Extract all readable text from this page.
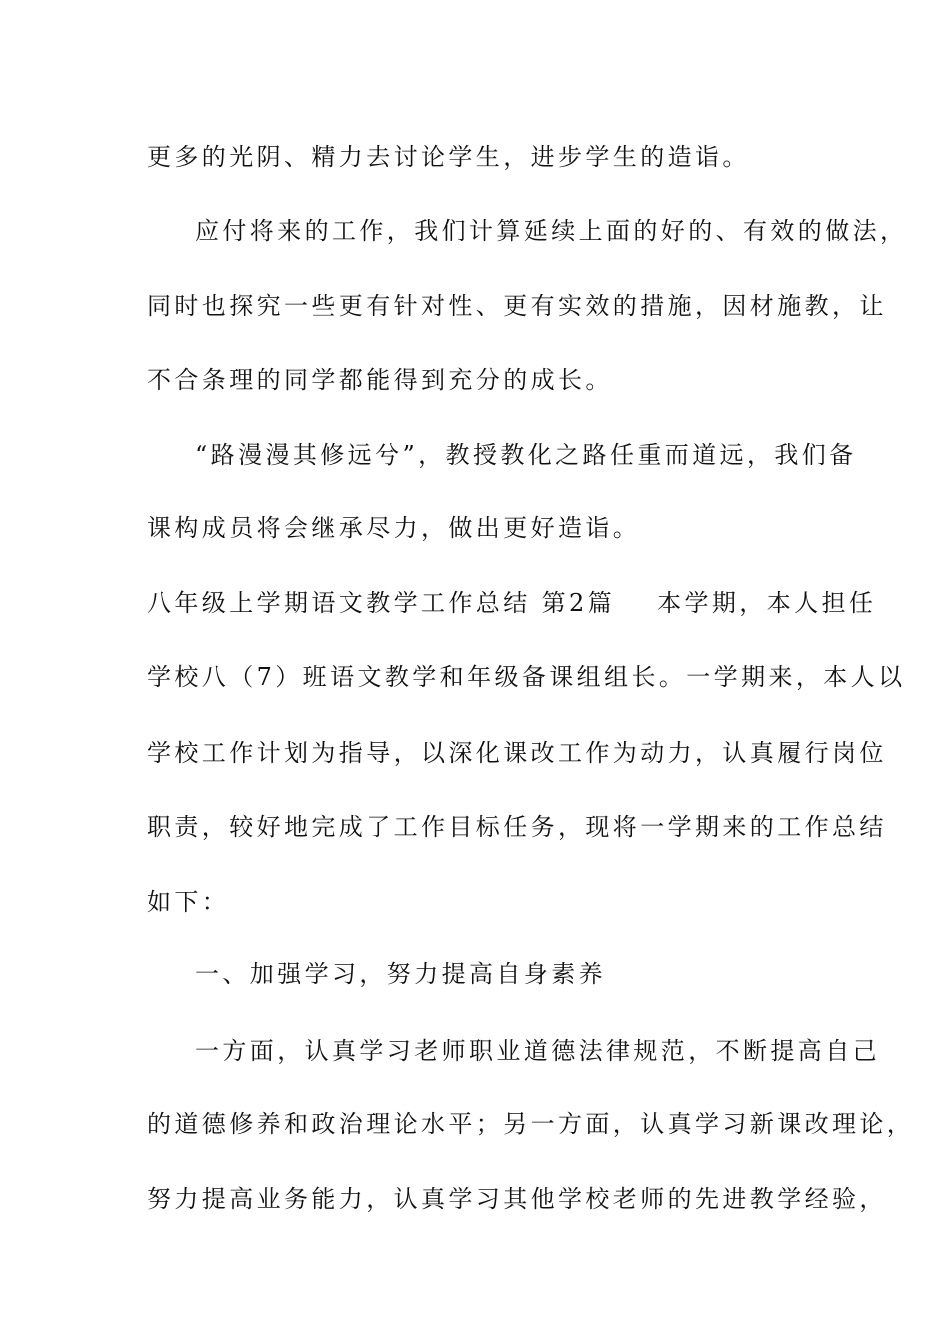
更多的光阴、精力去讨论学生，进步学生的造诣。

应付将来的工作，我们计算延续上面的好的、有效的做法，

同时也探究一些更有针对性、更有实效的措施，因材施教，让

不合条理的同学都能得到充分的成长。

“路漫漫其修远兮”，教授教化之路任重而道远，我们备

课构成员将会继承尽力，做出更好造诣。

八年级上学期语文教学工作总结 第2篇 本学期，本人担任

学校八（7）班语文教学和年级备课组组长。一学期来，本人以

学校工作计划为指导，以深化课改工作为动力，认真履行岗位

职责，较好地完成了工作目标任务，现将一学期来的工作总结

如下：

一、加强学习，努力提高自身素养

一方面，认真学习老师职业道德法律规范，不断提高自己

的道德修养和政治理论水平；另一方面，认真学习新课改理论，

努力提高业务能力，认真学习其他学校老师的先进教学经验，
